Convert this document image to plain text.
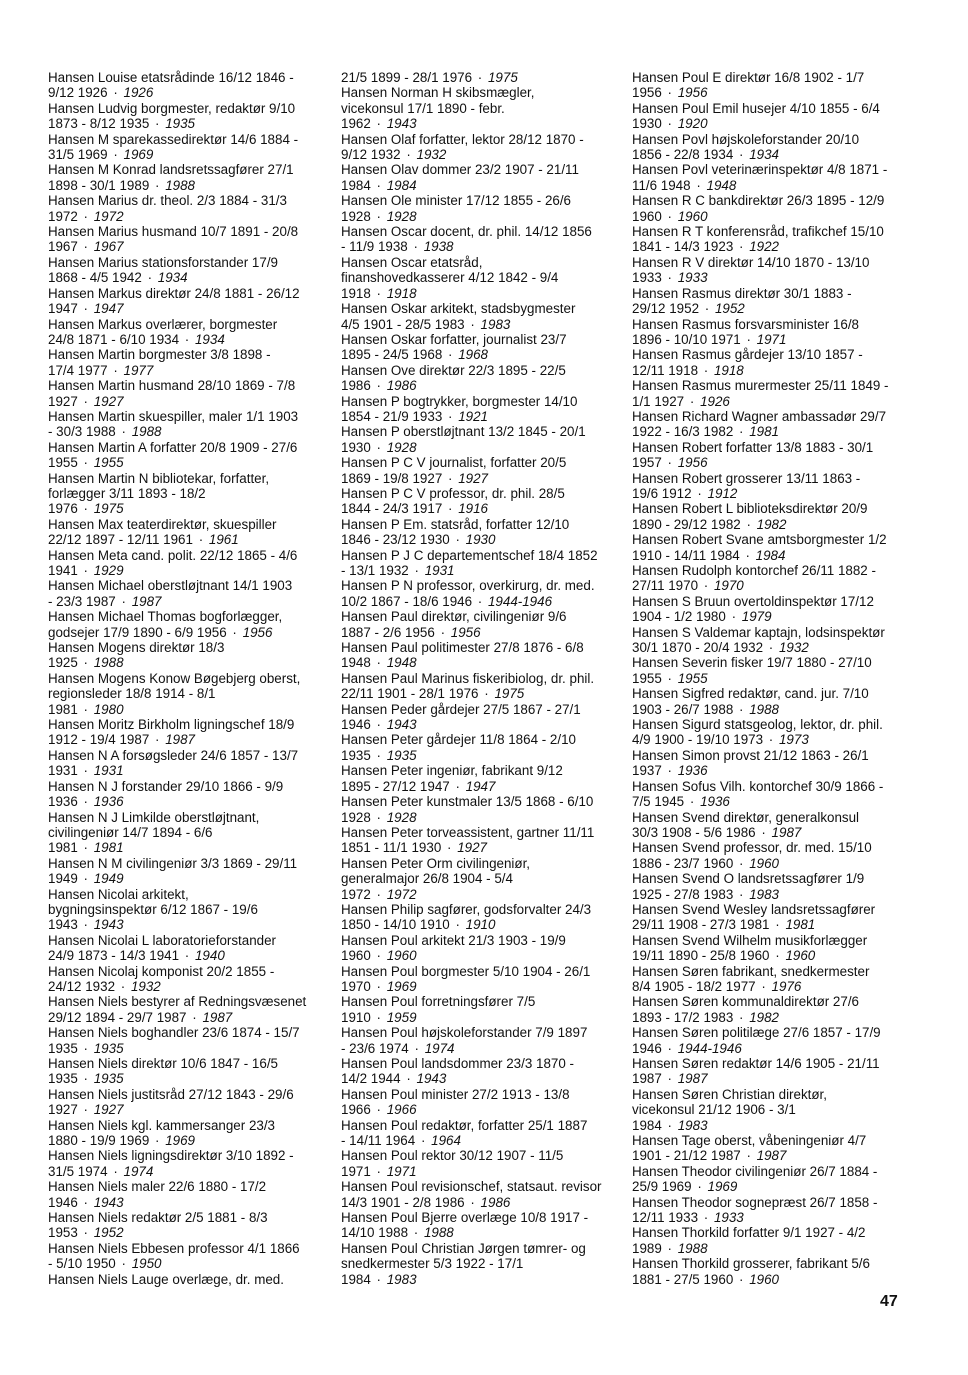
Hansen Louise etatsrådinde 16/12 1846 -
9/12 1926 · 1926
Hansen Ludvig borgmester, redaktør 9/10
1873 - 8/12 1935 · 1935
Hansen M sparekassedirektør 14/6 1884 -
31/5 1969 · 1969
Hansen M Konrad landsretssagfører 27/1
1898 - 30/1 1989 · 1988
Hansen Marius dr. theol. 2/3 1884 - 31/3
1972 · 1972
Hansen Marius husmand 10/7 1891 - 20/8
1967 · 1967
Hansen Marius stationsforstander 17/9
1868 - 4/5 1942 · 1934
Hansen Markus direktør 24/8 1881 - 26/12
1947 · 1947
Hansen Markus overlærer, borgmester
24/8 1871 - 6/10 1934 · 1934
Hansen Martin borgmester 3/8 1898 -
17/4 1977 · 1977
Hansen Martin husmand 28/10 1869 - 7/8
1927 · 1927
Hansen Martin skuespiller, maler 1/1 1903
- 30/3 1988 · 1988
Hansen Martin A forfatter 20/8 1909 - 27/6
1955 · 1955
Hansen Martin N bibliotekar, forfatter,
forlægger 3/11 1893 - 18/2
1976 · 1975
Hansen Max teaterdirektør, skuespiller
22/12 1897 - 12/11 1961 · 1961
Hansen Meta cand. polit. 22/12 1865 - 4/6
1941 · 1929
Hansen Michael oberstløjtnant 14/1 1903
- 23/3 1987 · 1987
Hansen Michael Thomas bogforlægger,
godsejer 17/9 1890 - 6/9 1956 · 1956
Hansen Mogens direktør 18/3
1925 · 1988
Hansen Mogens Konow Bøgebjerg oberst,
regionsleder 18/8 1914 - 8/1
1981 · 1980
Hansen Moritz Birkholm ligningschef 18/9
1912 - 19/4 1987 · 1987
Hansen N A forsøgsleder 24/6 1857 - 13/7
1931 · 1931
Hansen N J forstander 29/10 1866 - 9/9
1936 · 1936
Hansen N J Limkilde oberstløjtnant,
civilingeniør 14/7 1894 - 6/6
1981 · 1981
Hansen N M civilingeniør 3/3 1869 - 29/11
1949 · 1949
Hansen Nicolai arkitekt,
bygningsinspektør 6/12 1867 - 19/6
1943 · 1943
Hansen Nicolai L laboratorieforstander
24/9 1873 - 14/3 1941 · 1940
Hansen Nicolaj komponist 20/2 1855 -
24/12 1932 · 1932
Hansen Niels bestyrer af Redningsvæsenet
29/12 1894 - 29/7 1987 · 1987
Hansen Niels boghandler 23/6 1874 - 15/7
1935 · 1935
Hansen Niels direktør 10/6 1847 - 16/5
1935 · 1935
Hansen Niels justitsråd 27/12 1843 - 29/6
1927 · 1927
Hansen Niels kgl. kammersanger 23/3
1880 - 19/9 1969 · 1969
Hansen Niels ligningsdirektør 3/10 1892 -
31/5 1974 · 1974
Hansen Niels maler 22/6 1880 - 17/2
1946 · 1943
Hansen Niels redaktør 2/5 1881 - 8/3
1953 · 1952
Hansen Niels Ebbesen professor 4/1 1866
- 5/10 1950 · 1950
Hansen Niels Lauge overlæge, dr. med.
21/5 1899 - 28/1 1976 · 1975
Hansen Norman H skibsmægler,
vicekonsul 17/1 1890 - febr.
1962 · 1943
Hansen Olaf forfatter, lektor 28/12 1870 -
9/12 1932 · 1932
Hansen Olav dommer 23/2 1907 - 21/11
1984 · 1984
Hansen Ole minister 17/12 1855 - 26/6
1928 · 1928
Hansen Oscar docent, dr. phil. 14/12 1856
- 11/9 1938 · 1938
Hansen Oscar etatsråd,
finanshovedkasserer 4/12 1842 - 9/4
1918 · 1918
Hansen Oskar arkitekt, stadsbygmester
4/5 1901 - 28/5 1983 · 1983
Hansen Oskar forfatter, journalist 23/7
1895 - 24/5 1968 · 1968
Hansen Ove direktør 22/3 1895 - 22/5
1986 · 1986
Hansen P bogtrykker, borgmester 14/10
1854 - 21/9 1933 · 1921
Hansen P oberstløjtnant 13/2 1845 - 20/1
1930 · 1928
Hansen P C V journalist, forfatter 20/5
1869 - 19/8 1927 · 1927
Hansen P C V professor, dr. phil. 28/5
1844 - 24/3 1917 · 1916
Hansen P Em. statsråd, forfatter 12/10
1846 - 23/12 1930 · 1930
Hansen P J C departementschef 18/4 1852
- 13/1 1932 · 1931
Hansen P N professor, overkirurg, dr. med.
10/2 1867 - 18/6 1946 · 1944-1946
Hansen Paul direktør, civilingeniør 9/6
1887 - 2/6 1956 · 1956
Hansen Paul politimester 27/8 1876 - 6/8
1948 · 1948
Hansen Paul Marinus fiskeribiolog, dr. phil.
22/11 1901 - 28/1 1976 · 1975
Hansen Peder gårdejer 27/5 1867 - 27/1
1946 · 1943
Hansen Peter gårdejer 11/8 1864 - 2/10
1935 · 1935
Hansen Peter ingeniør, fabrikant 9/12
1895 - 27/12 1947 · 1947
Hansen Peter kunstmaler 13/5 1868 - 6/10
1928 · 1928
Hansen Peter torveassistent, gartner 11/11
1851 - 11/1 1930 · 1927
Hansen Peter Orm civilingeniør,
generalmajor 26/8 1904 - 5/4
1972 · 1972
Hansen Philip sagfører, godsforvalter 24/3
1850 - 14/10 1910 · 1910
Hansen Poul arkitekt 21/3 1903 - 19/9
1960 · 1960
Hansen Poul borgmester 5/10 1904 - 26/1
1970 · 1969
Hansen Poul forretningsfører 7/5
1910 · 1959
Hansen Poul højskoleforstander 7/9 1897
- 23/6 1974 · 1974
Hansen Poul landsdommer 23/3 1870 -
14/2 1944 · 1943
Hansen Poul minister 27/2 1913 - 13/8
1966 · 1966
Hansen Poul redaktør, forfatter 25/1 1887
- 14/11 1964 · 1964
Hansen Poul rektor 30/12 1907 - 11/5
1971 · 1971
Hansen Poul revisionschef, statsaut. revisor
14/3 1901 - 2/8 1986 · 1986
Hansen Poul Bjerre overlæge 10/8 1917 -
14/10 1988 · 1988
Hansen Poul Christian Jørgen tømrer- og
snedkermester 5/3 1922 - 17/1
1984 · 1983
Hansen Poul E direktør 16/8 1902 - 1/7
1956 · 1956
Hansen Poul Emil husejer 4/10 1855 - 6/4
1930 · 1920
Hansen Povl højskoleforstander 20/10
1856 - 22/8 1934 · 1934
Hansen Povl veterinærinspektør 4/8 1871 -
11/6 1948 · 1948
Hansen R C bankdirektør 26/3 1895 - 12/9
1960 · 1960
Hansen R T konferensråd, trafikchef 15/10
1841 - 14/3 1923 · 1922
Hansen R V direktør 14/10 1870 - 13/10
1933 · 1933
Hansen Rasmus direktør 30/1 1883 -
29/12 1952 · 1952
Hansen Rasmus forsvarsminister 16/8
1896 - 10/10 1971 · 1971
Hansen Rasmus gårdejer 13/10 1857 -
12/11 1918 · 1918
Hansen Rasmus murermester 25/11 1849 -
1/1 1927 · 1926
Hansen Richard Wagner ambassadør 29/7
1922 - 16/3 1982 · 1981
Hansen Robert forfatter 13/8 1883 - 30/1
1957 · 1956
Hansen Robert grosserer 13/11 1863 -
19/6 1912 · 1912
Hansen Robert L biblioteksdirektør 20/9
1890 - 29/12 1982 · 1982
Hansen Robert Svane amtsborgmester 1/2
1910 - 14/11 1984 · 1984
Hansen Rudolph kontorchef 26/11 1882 -
27/11 1970 · 1970
Hansen S Bruun overtoldinspektør 17/12
1904 - 1/2 1980 · 1979
Hansen S Valdemar kaptajn, lodsinspektør
30/1 1870 - 20/4 1932 · 1932
Hansen Severin fisker 19/7 1880 - 27/10
1955 · 1955
Hansen Sigfred redaktør, cand. jur. 7/10
1903 - 26/7 1988 · 1988
Hansen Sigurd statsgeolog, lektor, dr. phil.
4/9 1900 - 19/10 1973 · 1973
Hansen Simon provst 21/12 1863 - 26/1
1937 · 1936
Hansen Sofus Vilh. kontorchef 30/9 1866 -
7/5 1945 · 1936
Hansen Svend direktør, generalkonsul
30/3 1908 - 5/6 1986 · 1987
Hansen Svend professor, dr. med. 15/10
1886 - 23/7 1960 · 1960
Hansen Svend O landsretssagfører 1/9
1925 - 27/8 1983 · 1983
Hansen Svend Wesley landsretssagfører
29/11 1908 - 27/3 1981 · 1981
Hansen Svend Wilhelm musikforlægger
19/11 1890 - 25/8 1960 · 1960
Hansen Søren fabrikant, snedkermester
8/4 1905 - 18/2 1977 · 1976
Hansen Søren kommunaldirektør 27/6
1893 - 17/2 1983 · 1982
Hansen Søren politilæge 27/6 1857 - 17/9
1946 · 1944-1946
Hansen Søren redaktør 14/6 1905 - 21/11
1987 · 1987
Hansen Søren Christian direktør,
vicekonsul 21/12 1906 - 3/1
1984 · 1983
Hansen Tage oberst, våbeningeniør 4/7
1901 - 21/12 1987 · 1987
Hansen Theodor civilingeniør 26/7 1884 -
25/9 1969 · 1969
Hansen Theodor sognepræst 26/7 1858 -
12/11 1933 · 1933
Hansen Thorkild forfatter 9/1 1927 - 4/2
1989 · 1988
Hansen Thorkild grosserer, fabrikant 5/6
1881 - 27/5 1960 · 1960
47
